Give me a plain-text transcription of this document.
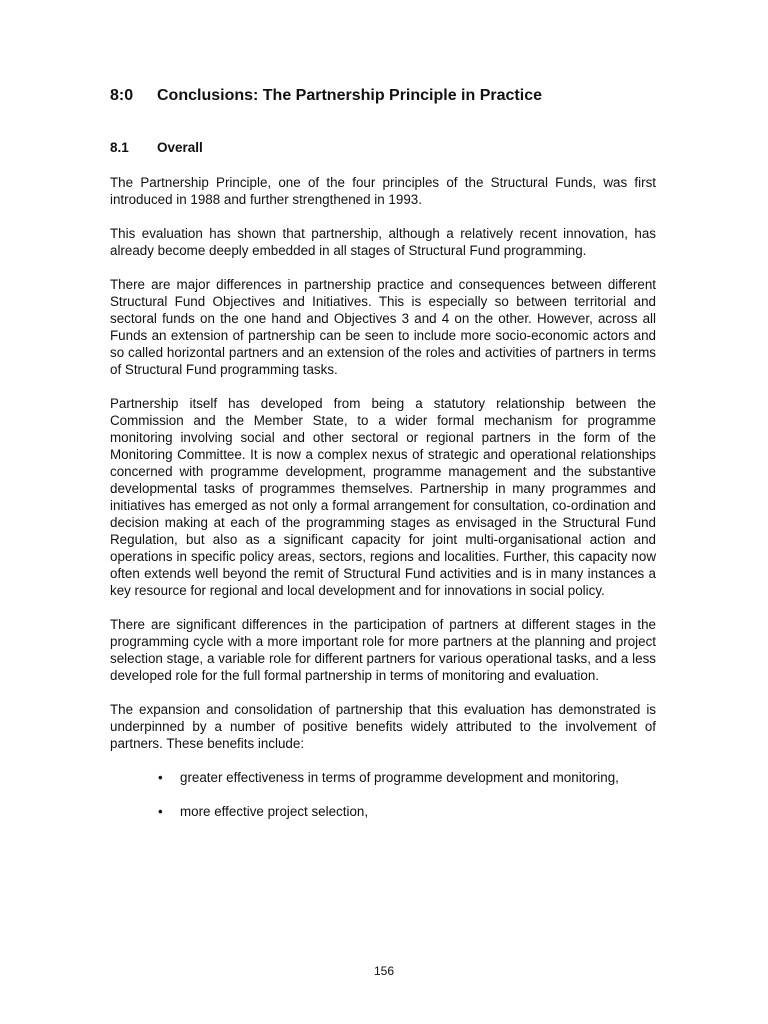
8:0 Conclusions: The Partnership Principle in Practice
8.1 Overall

The Partnership Principle, one of the four principles of the Structural Funds, was first introduced in 1988 and further strengthened in 1993.

This evaluation has shown that partnership, although a relatively recent innovation, has already become deeply embedded in all stages of Structural Fund programming.

There are major differences in partnership practice and consequences between different Structural Fund Objectives and Initiatives. This is especially so between territorial and sectoral funds on the one hand and Objectives 3 and 4 on the other. However, across all Funds an extension of partnership can be seen to include more socio-economic actors and so called horizontal partners and an extension of the roles and activities of partners in terms of Structural Fund programming tasks.

Partnership itself has developed from being a statutory relationship between the Commission and the Member State, to a wider formal mechanism for programme monitoring involving social and other sectoral or regional partners in the form of the Monitoring Committee. It is now a complex nexus of strategic and operational relationships concerned with programme development, programme management and the substantive developmental tasks of programmes themselves. Partnership in many programmes and initiatives has emerged as not only a formal arrangement for consultation, co-ordination and decision making at each of the programming stages as envisaged in the Structural Fund Regulation, but also as a significant capacity for joint multi-organisational action and operations in specific policy areas, sectors, regions and localities. Further, this capacity now often extends well beyond the remit of Structural Fund activities and is in many instances a key resource for regional and local development and for innovations in social policy.

There are significant differences in the participation of partners at different stages in the programming cycle with a more important role for more partners at the planning and project selection stage, a variable role for different partners for various operational tasks, and a less developed role for the full formal partnership in terms of monitoring and evaluation.

The expansion and consolidation of partnership that this evaluation has demonstrated is underpinned by a number of positive benefits widely attributed to the involvement of partners. These benefits include:

•	greater effectiveness in terms of programme development and monitoring,
•	more effective project selection,
156
